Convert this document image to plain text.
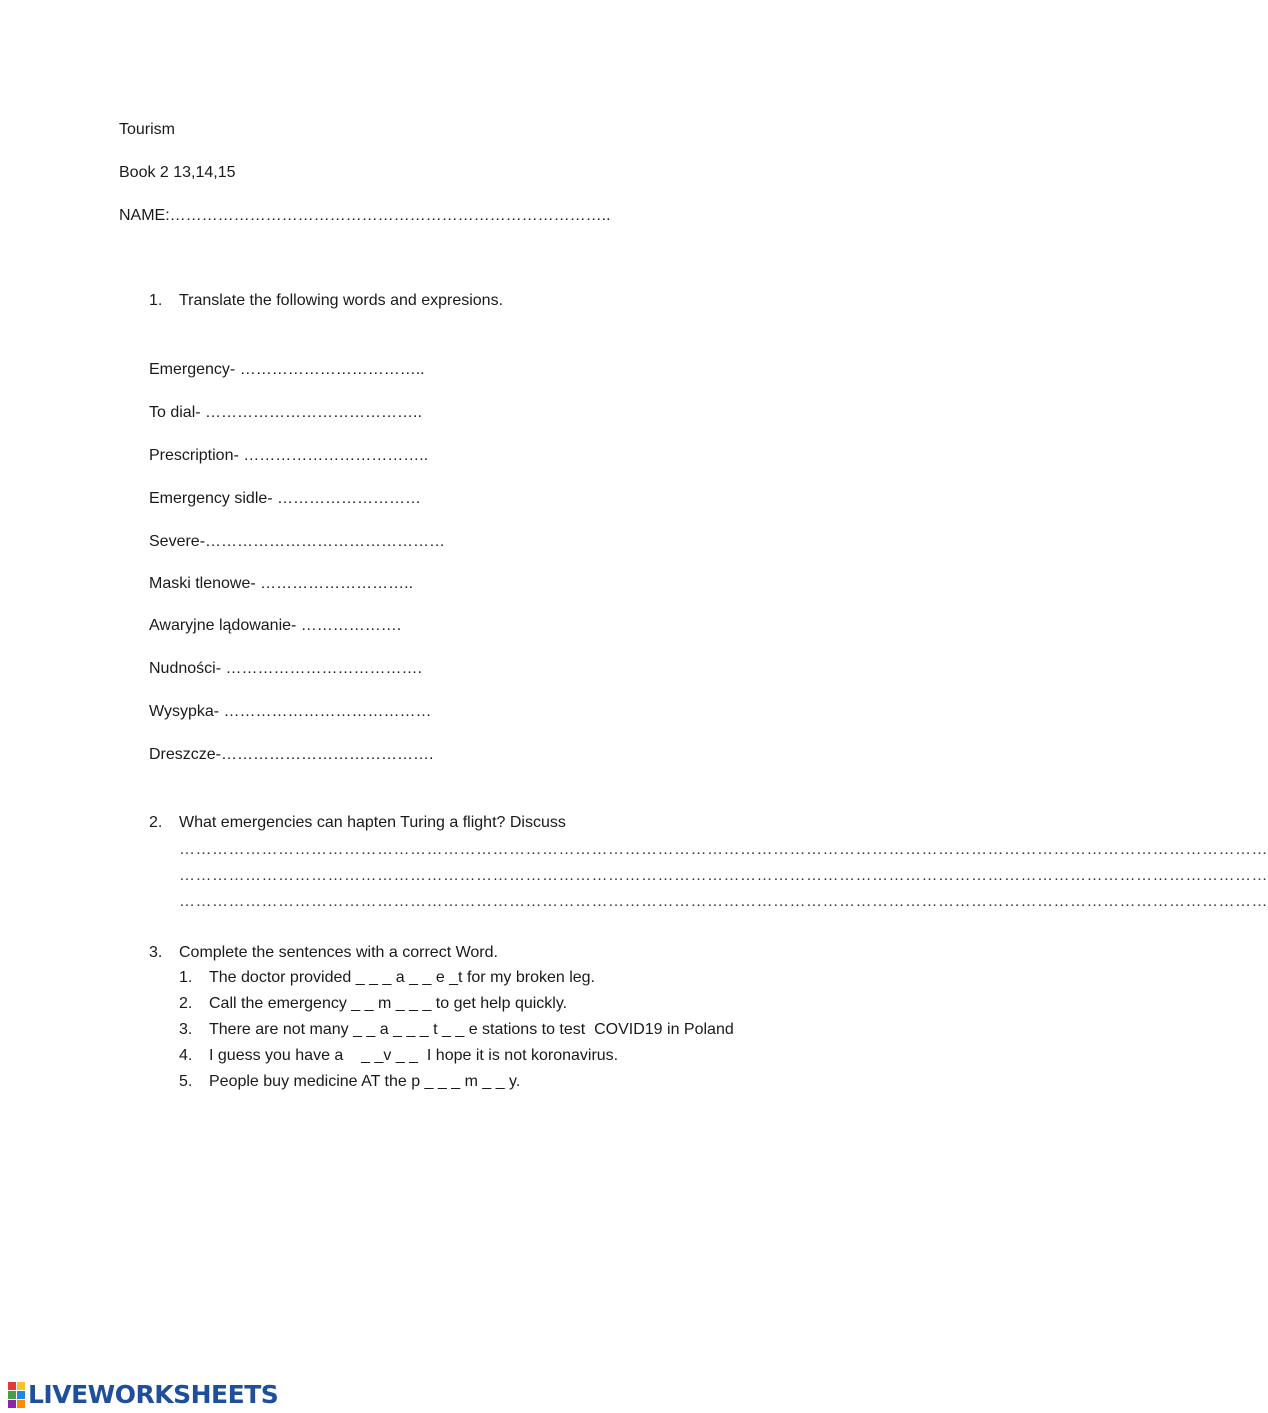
Tourism
Book 2 13,14,15
NAME:………………………………………………………………………..
1. Translate the following words and expresions.
Emergency- ……………………………..
To dial- …………………………………..
Prescription- ……………………………..
Emergency sidle- ………………………
Severe-………………………………………
Maski tlenowe- ………………………..
Awaryjne lądowanie- ……………….
Nudności- ……………………………….
Wysypka- …………………………………
Dreszcze-………………………………….
2. What emergencies can hapten Turing a flight? Discuss
………………………………………………………………………………………………………………………………………………………………………………
………………………………………………………………………………………………………………………………………………………………………………
………………………………………………………………………………………………………………………………………………………………………………
3. Complete the sentences with a correct Word.
1. The doctor provided _ _ _ a _ _ e _t for my broken leg.
2. Call the emergency _ _ m _ _ _ to get help quickly.
3. There are not many _ _ a _ _ _ t _ _ e stations to test  COVID19 in Poland
4. I guess you have a    _ _v _ _  I hope it is not koronavirus.
5. People buy medicine AT the p _ _ _ m _ _ y.
LIVEWORKSHEETS
